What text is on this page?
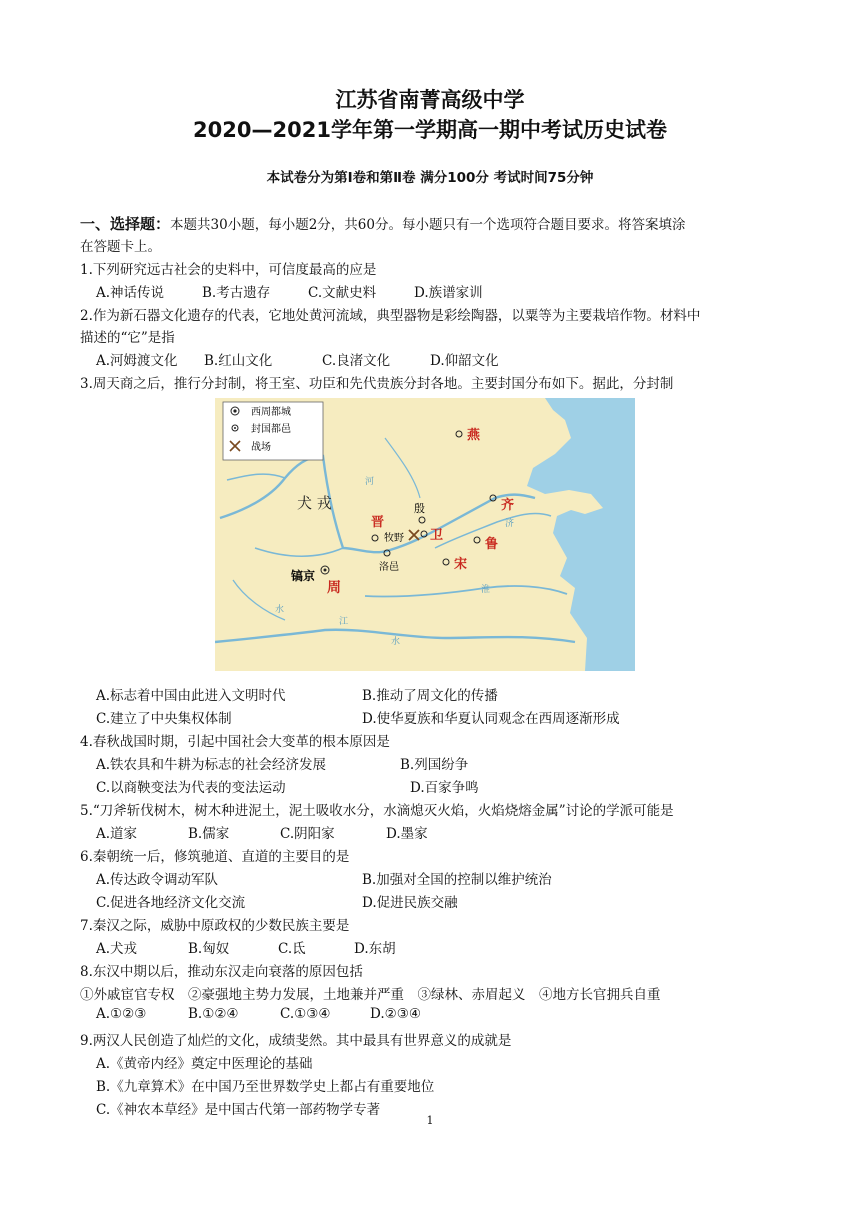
江苏省南菁高级中学
2020—2021学年第一学期高一期中考试历史试卷
本试卷分为第Ⅰ卷和第Ⅱ卷 满分100分 考试时间75分钟
一、选择题：本题共30小题，每小题2分，共60分。每小题只有一个选项符合题目要求。将答案填涂
在答题卡上。
1.下列研究远古社会的史料中，可信度最高的应是
A.神话传说	B.考古遗存	C.文献史料	D.族谱家训
2.作为新石器文化遗存的代表，它地处黄河流域，典型器物是彩绘陶器，以粟等为主要栽培作物。材料中
描述的“它”是指
A.河姆渡文化 B.红山文化	C.良渚文化	D.仰韶文化
3.周天商之后，推行分封制，将王室、功臣和先代贵族分封各地。主要封国分布如下。据此，分封制
西周都城
封国都邑
战场
犬 戎
燕
齐
鲁
宋
晋
卫
牧野
殷
洛邑
镐京
周
河
济
淮
江
水
水
A.标志着中国由此进入文明时代	B.推动了周文化的传播
C.建立了中央集权体制	D.使华夏族和华夏认同观念在西周逐渐形成
4.春秋战国时期，引起中国社会大变革的根本原因是
A.铁农具和牛耕为标志的社会经济发展	B.列国纷争
C.以商鞅变法为代表的变法运动	D.百家争鸣
5.“刀斧斩伐树木，树木种进泥土，泥土吸收水分，水滴熄灭火焰，火焰烧熔金属”讨论的学派可能是
A.道家	B.儒家	C.阴阳家	D.墨家
6.秦朝统一后，修筑驰道、直道的主要目的是
A.传达政令调动军队	B.加强对全国的控制以维护统治
C.促进各地经济文化交流	D.促进民族交融
7.秦汉之际，威胁中原政权的少数民族主要是
A.犬戎	B.匈奴	C.氐	D.东胡
8.东汉中期以后，推动东汉走向衰落的原因包括
①外戚宦官专权　②豪强地主势力发展，土地兼并严重　③绿林、赤眉起义　④地方长官拥兵自重
A.①②③	B.①②④	C.①③④	D.②③④
9.两汉人民创造了灿烂的文化，成绩斐然。其中最具有世界意义的成就是
A.《黄帝内经》奠定中医理论的基础
B.《九章算术》在中国乃至世界数学史上都占有重要地位
C.《神农本草经》是中国古代第一部药物学专著
1
